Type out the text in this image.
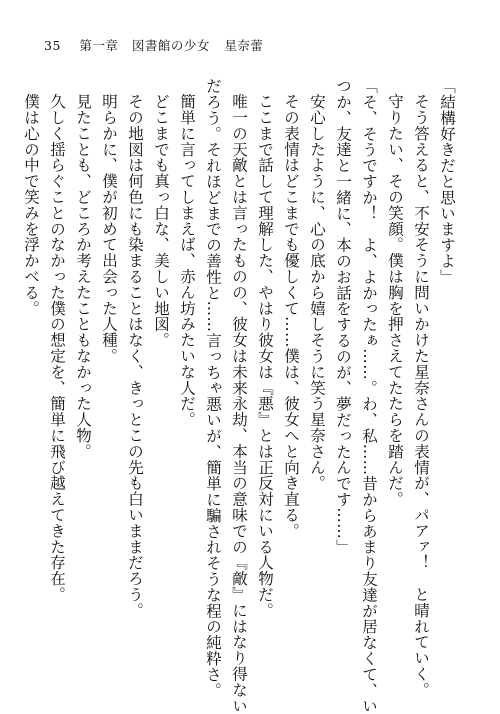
35 第一章 図書館の少女 星奈蕾
「結構好きだと思いますよ」
そう答えると、不安そうに問いかけた星奈さんの表情が、パアァ！　と晴れていく。
守りたい、その笑顔。僕は胸を押さえてたたらを踏んだ。
「そ、そうですか！　よ、よかったぁ……。わ、私……昔からあまり友達が居なくて、い
つか、友達と一緒に、本のお話をするのが、夢だったんです……」
安心したように、心の底から嬉しそうに笑う星奈さん。
その表情はどこまでも優しくて……僕は、彼女へと向き直る。
ここまで話して理解した、やはり彼女は『悪』とは正反対にいる人物だ。
唯一の天敵とは言ったものの、彼女は未来永劫、本当の意味での『敵』にはなり得ない
だろう。それほどまでの善性と……言っちゃ悪いが、簡単に騙されそうな程の純粋さ。
簡単に言ってしまえば、赤ん坊みたいな人だ。
どこまでも真っ白な、美しい地図。
その地図は何色にも染まることはなく、きっとこの先も白いままだろう。
明らかに、僕が初めて出会った人種。
見たことも、どころか考えたこともなかった人物。
久しく揺らぐことのなかった僕の想定を、簡単に飛び越えてきた存在。
僕は心の中で笑みを浮かべる。
